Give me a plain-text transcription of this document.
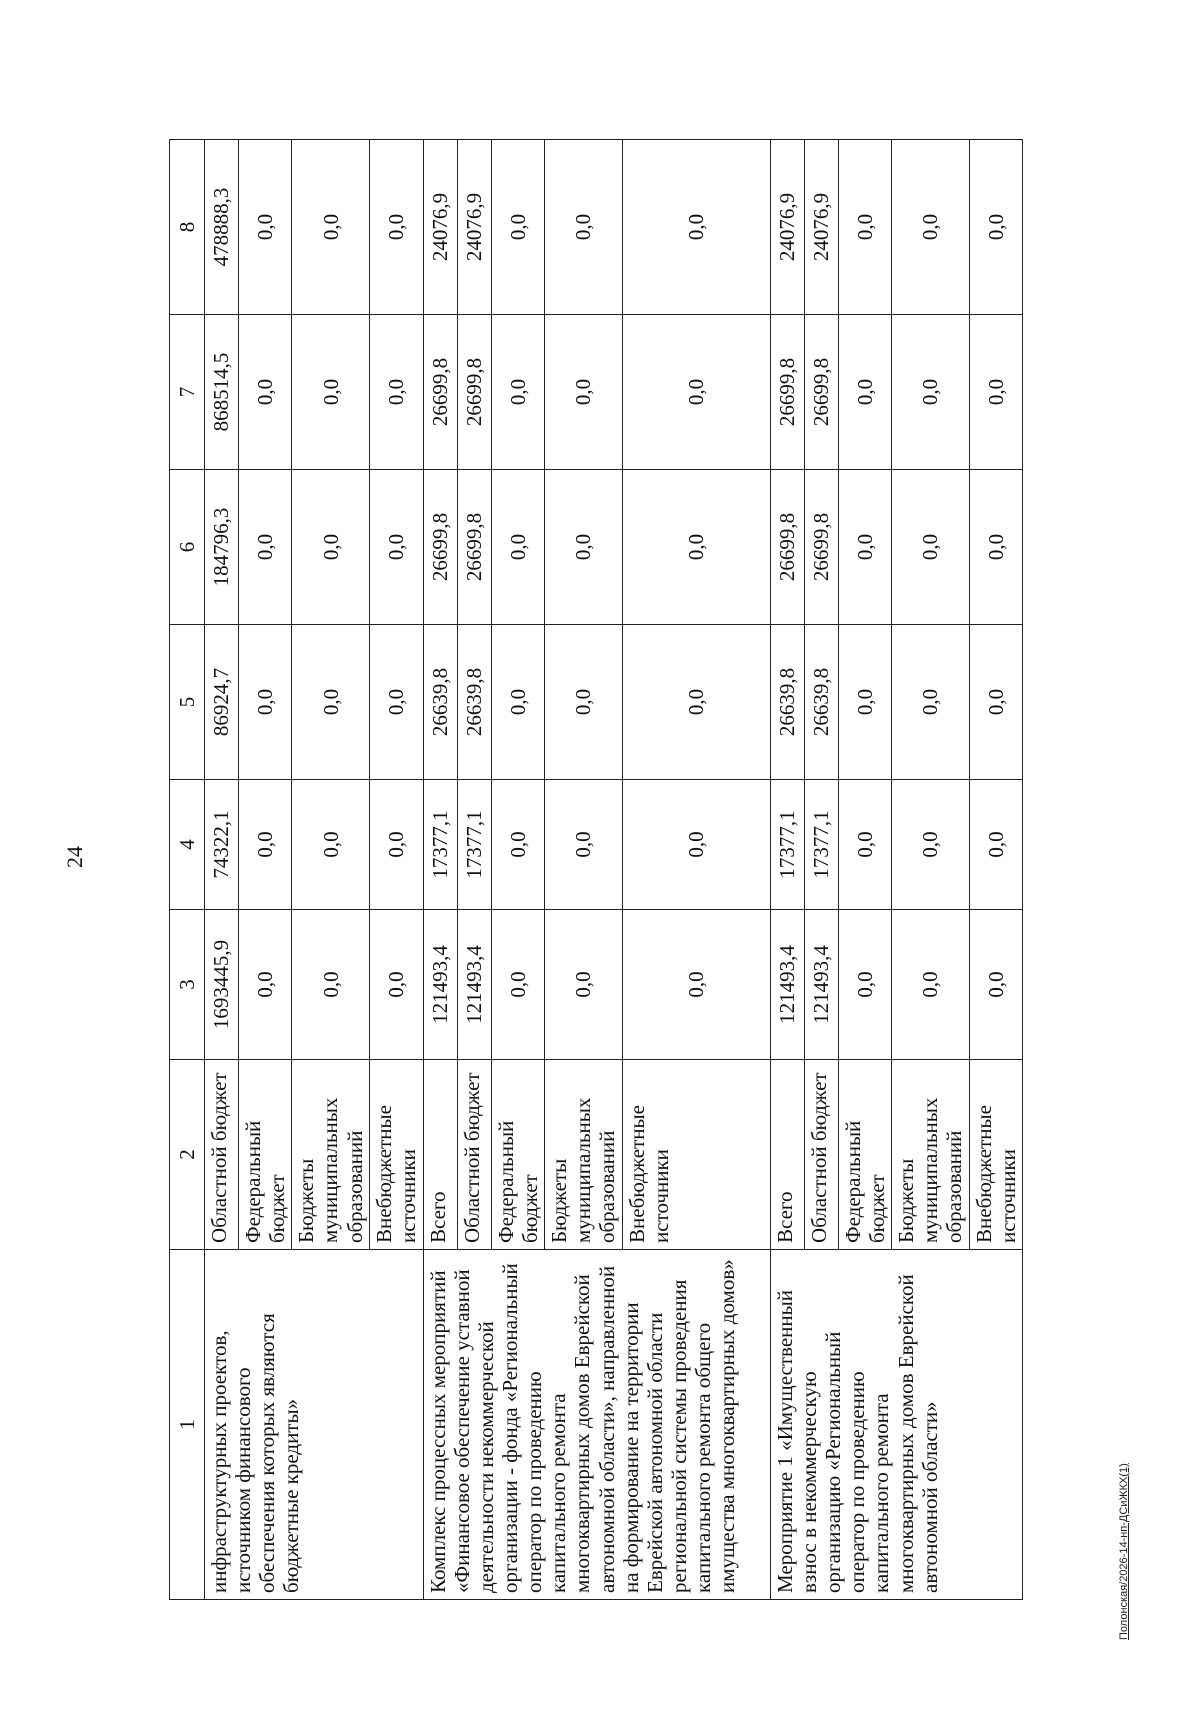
24
1	2	3	4	5	6	7	8
инфраструктурных проектов, источником финансового обеспечения которых являются бюджетные кредиты»	Областной бюджет	1693445,9	74322,1	86924,7	184796,3	868514,5	478888,3
	Федеральный бюджет	0,0	0,0	0,0	0,0	0,0	0,0
	Бюджеты муниципальных образований	0,0	0,0	0,0	0,0	0,0	0,0
	Внебюджетные источники	0,0	0,0	0,0	0,0	0,0	0,0
Комплекс процессных мероприятий «Финансовое обеспечение уставной деятельности некоммерческой организации - фонда «Региональный оператор по проведению капитального ремонта многоквартирных домов Еврейской автономной области», направленной на формирование на территории Еврейской автономной области региональной системы проведения капитального ремонта общего имущества многоквартирных домов»	Всего	121493,4	17377,1	26639,8	26699,8	26699,8	24076,9
	Областной бюджет	121493,4	17377,1	26639,8	26699,8	26699,8	24076,9
	Федеральный бюджет	0,0	0,0	0,0	0,0	0,0	0,0
	Бюджеты муниципальных образований	0,0	0,0	0,0	0,0	0,0	0,0
	Внебюджетные источники	0,0	0,0	0,0	0,0	0,0	0,0
Мероприятие 1 «Имущественный взнос в некоммерческую организацию «Региональный оператор по проведению капитального ремонта многоквартирных домов Еврейской автономной области»	Всего	121493,4	17377,1	26639,8	26699,8	26699,8	24076,9
	Областной бюджет	121493,4	17377,1	26639,8	26699,8	26699,8	24076,9
	Федеральный бюджет	0,0	0,0	0,0	0,0	0,0	0,0
	Бюджеты муниципальных образований	0,0	0,0	0,0	0,0	0,0	0,0
	Внебюджетные источники	0,0	0,0	0,0	0,0	0,0	0,0
Полонская/2026-14-нп-ДСиЖКХ(1)
